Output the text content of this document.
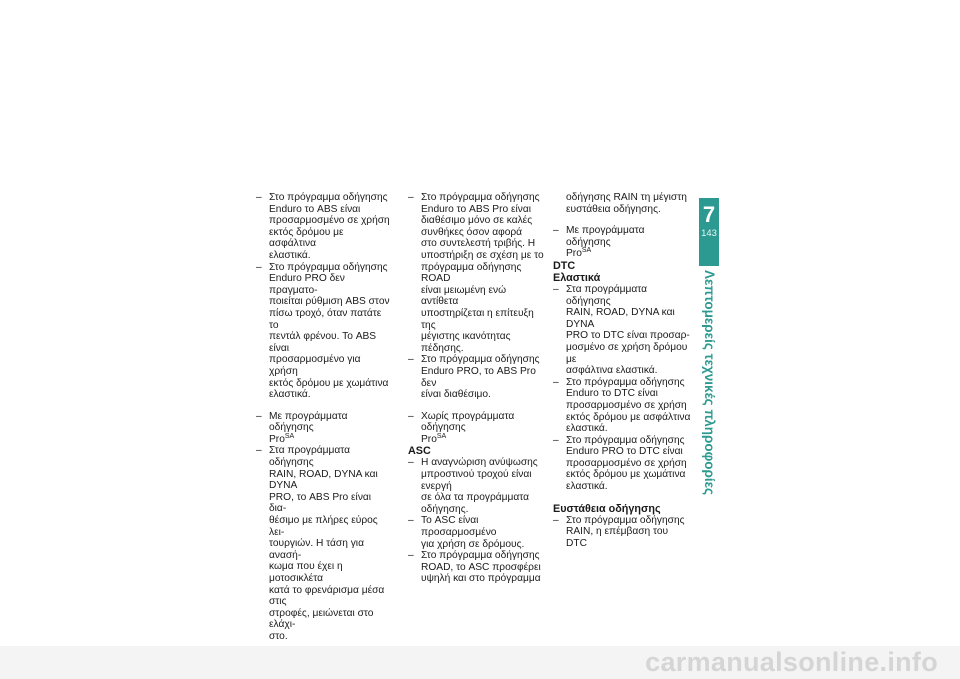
– Στο πρόγραμμα οδήγησης
Enduro το ABS είναι
προσαρμοσμένο σε χρήση
εκτός δρόμου με ασφάλτινα
ελαστικά.
– Στο πρόγραμμα οδήγησης
Enduro PRO δεν πραγματο-
ποιείται ρύθμιση ABS στον
πίσω τροχό, όταν πατάτε το
πεντάλ φρένου. Το ABS είναι
προσαρμοσμένο για χρήση
εκτός δρόμου με χωμάτινα
ελαστικά.
– Με προγράμματα οδήγησης
Pro$^{SA}$
– Στα προγράμματα οδήγησης
RAIN, ROAD, DYNA και DYNA
PRO, το ABS Pro είναι δια-
θέσιμο με πλήρες εύρος λει-
τουργιών. Η τάση για ανασή-
κωμα που έχει η μοτοσικλέτα
κατά το φρενάρισμα μέσα στις
στροφές, μειώνεται στο ελάχι-
στο.
– Στο πρόγραμμα οδήγησης
Enduro το ABS Pro είναι
διαθέσιμο μόνο σε καλές
συνθήκες όσον αφορά
στο συντελεστή τριβής. Η
υποστήριξη σε σχέση με το
πρόγραμμα οδήγησης ROAD
είναι μειωμένη ενώ αντίθετα
υποστηρίζεται η επίτευξη της
μέγιστης ικανότητας πέδησης.
– Στο πρόγραμμα οδήγησης
Enduro PRO, το ABS Pro δεν
είναι διαθέσιμο.
– Χωρίς προγράμματα οδήγησης
Pro$^{SA}$
ASC
– Η αναγνώριση ανύψωσης
μπροστινού τροχού είναι ενεργή
σε όλα τα προγράμματα
οδήγησης.
– Το ASC είναι προσαρμοσμένο
για χρήση σε δρόμους.
– Στο πρόγραμμα οδήγησης
ROAD, το ASC προσφέρει
υψηλή και στο πρόγραμμα
οδήγησης RAIN τη μέγιστη
ευστάθεια οδήγησης.
– Με προγράμματα οδήγησης
Pro$^{SA}$
DTC
Ελαστικά
– Στα προγράμματα οδήγησης
RAIN, ROAD, DYNA και DYNA
PRO το DTC είναι προσαρ-
μοσμένο σε χρήση δρόμου με
ασφάλτινα ελαστικά.
– Στο πρόγραμμα οδήγησης
Enduro το DTC είναι
προσαρμοσμένο σε χρήση
εκτός δρόμου με ασφάλτινα
ελαστικά.
– Στο πρόγραμμα οδήγησης
Enduro PRO το DTC είναι
προσαρμοσμένο σε χρήση
εκτός δρόμου με χωμάτινα
ελαστικά.
Ευστάθεια οδήγησης
– Στο πρόγραμμα οδήγησης
RAIN, η επέμβαση του DTC
7
143
Λεπτομερείς τεχνικές πληροφορίες
carmanualsonline.info
